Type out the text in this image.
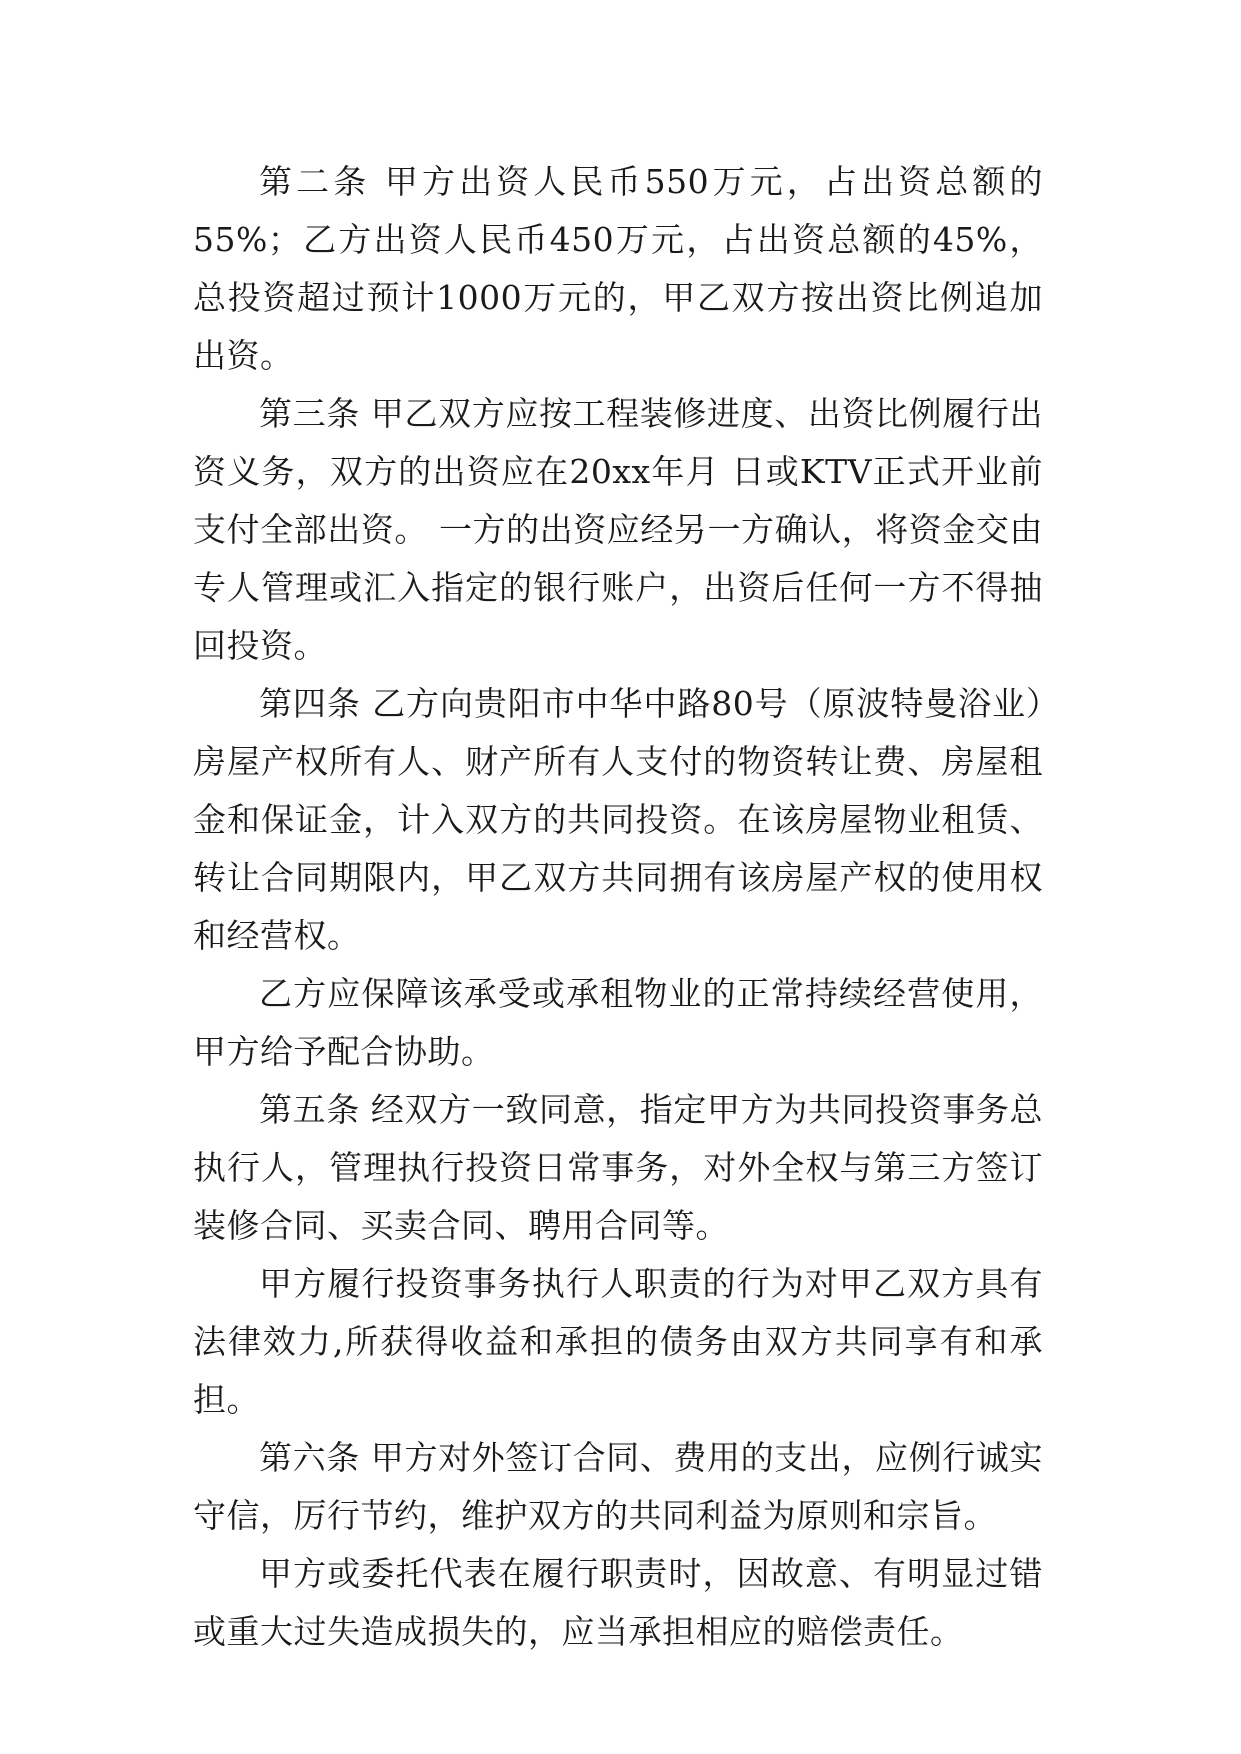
第二条 甲方出资人民币550万元，占出资总额的55%；乙方出资人民币450万元，占出资总额的45%，总投资超过预计1000万元的，甲乙双方按出资比例追加出资。

第三条 甲乙双方应按工程装修进度、出资比例履行出资义务，双方的出资应在20xx年月 日或KTV正式开业前支付全部出资。 一方的出资应经另一方确认，将资金交由专人管理或汇入指定的银行账户，出资后任何一方不得抽回投资。

第四条 乙方向贵阳市中华中路80号（原波特曼浴业）房屋产权所有人、财产所有人支付的物资转让费、房屋租金和保证金，计入双方的共同投资。在该房屋物业租赁、转让合同期限内，甲乙双方共同拥有该房屋产权的使用权和经营权。

乙方应保障该承受或承租物业的正常持续经营使用，甲方给予配合协助。

第五条 经双方一致同意，指定甲方为共同投资事务总执行人，管理执行投资日常事务，对外全权与第三方签订装修合同、买卖合同、聘用合同等。

甲方履行投资事务执行人职责的行为对甲乙双方具有法律效力,所获得收益和承担的债务由双方共同享有和承担。

第六条 甲方对外签订合同、费用的支出，应例行诚实守信，厉行节约，维护双方的共同利益为原则和宗旨。

甲方或委托代表在履行职责时，因故意、有明显过错或重大过失造成损失的，应当承担相应的赔偿责任。
